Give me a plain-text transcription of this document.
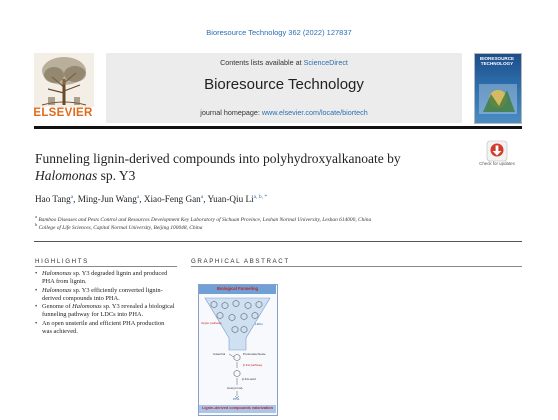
Bioresource Technology 362 (2022) 127837
ELSEVIER
Contents lists available at ScienceDirect
Bioresource Technology
journal homepage: www.elsevier.com/locate/biortech
BIORESOURCE TECHNOLOGY
Funneling lignin-derived compounds into polyhydroxyalkanoate by
Halomonas sp. Y3
Check for updates
Hao Tang$^a$, Ming-Jun Wang$^a$, Xiao-Feng Gan$^a$, Yuan-Qiu $Li^{a, b, *}$
$^a$ Bamboo Diseases and Pests Control and Resources Development Key Laboratory of Sichuan Province, Leshan Normal University, Leshan 614000, China
$^b$ College of Life Sciences, Capital Normal University, Beijing 100048, China
HIGHLIGHTS
• Halomonas sp. Y3 degraded lignin and produced PHA from lignin.
• Halomonas sp. Y3 efficiently converted lignin-derived compounds into PHA.
• Genome of Halomonas sp. Y3 revealed a biological funneling pathway for LDCs into PHA.
• An open unsterile and efficient PHA production was achieved.
GRAPHICAL ABSTRACT
Biological Funneling
Upper pathway	LDCs
Catechol	Protocatechuate
β-KA pathway
β-KA-acid
Acetyl-CoA
PHA
Lignin-derived compounds valorization
